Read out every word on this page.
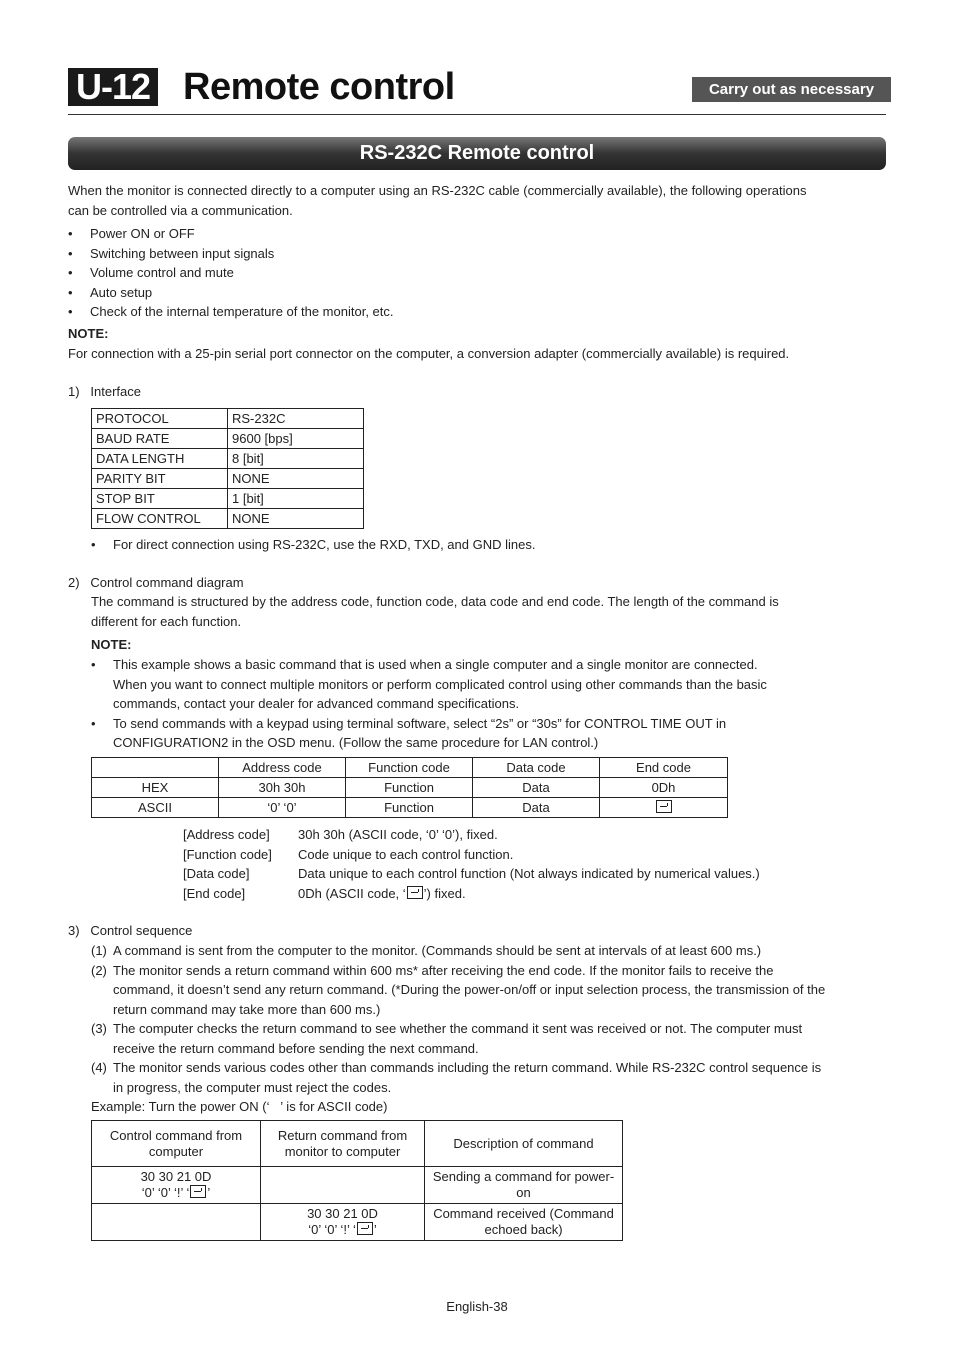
U-12 Remote control	Carry out as necessary
RS-232C Remote control
When the monitor is connected directly to a computer using an RS-232C cable (commercially available), the following operations
can be controlled via a communication.
• Power ON or OFF
• Switching between input signals
• Volume control and mute
• Auto setup
• Check of the internal temperature of the monitor, etc.
NOTE:
For connection with a 25-pin serial port connector on the computer, a conversion adapter (commercially available) is required.
1)   Interface
PROTOCOL	RS-232C
BAUD RATE	9600 [bps]
DATA LENGTH	8 [bit]
PARITY BIT	NONE
STOP BIT	1 [bit]
FLOW CONTROL	NONE
• For direct connection using RS-232C, use the RXD, TXD, and GND lines.
2)   Control command diagram
The command is structured by the address code, function code, data code and end code. The length of the command is
different for each function.
NOTE:
• This example shows a basic command that is used when a single computer and a single monitor are connected.
When you want to connect multiple monitors or perform complicated control using other commands than the basic
commands, contact your dealer for advanced command specifications.
• To send commands with a keypad using terminal software, select “2s” or “30s” for CONTROL TIME OUT in
CONFIGURATION2 in the OSD menu. (Follow the same procedure for LAN control.)
	Address code	Function code	Data code	End code
HEX	30h 30h	Function	Data	0Dh
ASCII	‘0’ ‘0’	Function	Data	
[Address code]	30h 30h (ASCII code, ‘0’ ‘0’), fixed.
[Function code]	Code unique to each control function.
[Data code]	Data unique to each control function (Not always indicated by numerical values.)
[End code]	0Dh (ASCII code, ‘ ’) fixed.
3)   Control sequence
(1) A command is sent from the computer to the monitor. (Commands should be sent at intervals of at least 600 ms.)
(2) The monitor sends a return command within 600 ms* after receiving the end code. If the monitor fails to receive the
command, it doesn’t send any return command. (*During the power-on/off or input selection process, the transmission of the
return command may take more than 600 ms.)
(3) The computer checks the return command to see whether the command it sent was received or not. The computer must
receive the return command before sending the next command.
(4) The monitor sends various codes other than commands including the return command. While RS-232C control sequence is
in progress, the computer must reject the codes.
Example: Turn the power ON (‘   ’ is for ASCII code)
Control command from computer	Return command from monitor to computer	Description of command

30 30 21 0D
‘0’ ‘0’ ‘!’ ‘ ’		Sending a command for power-on

	30 30 21 0D
‘0’ ‘0’ ‘!’ ‘ ’	Command received (Command echoed back)
English-38
